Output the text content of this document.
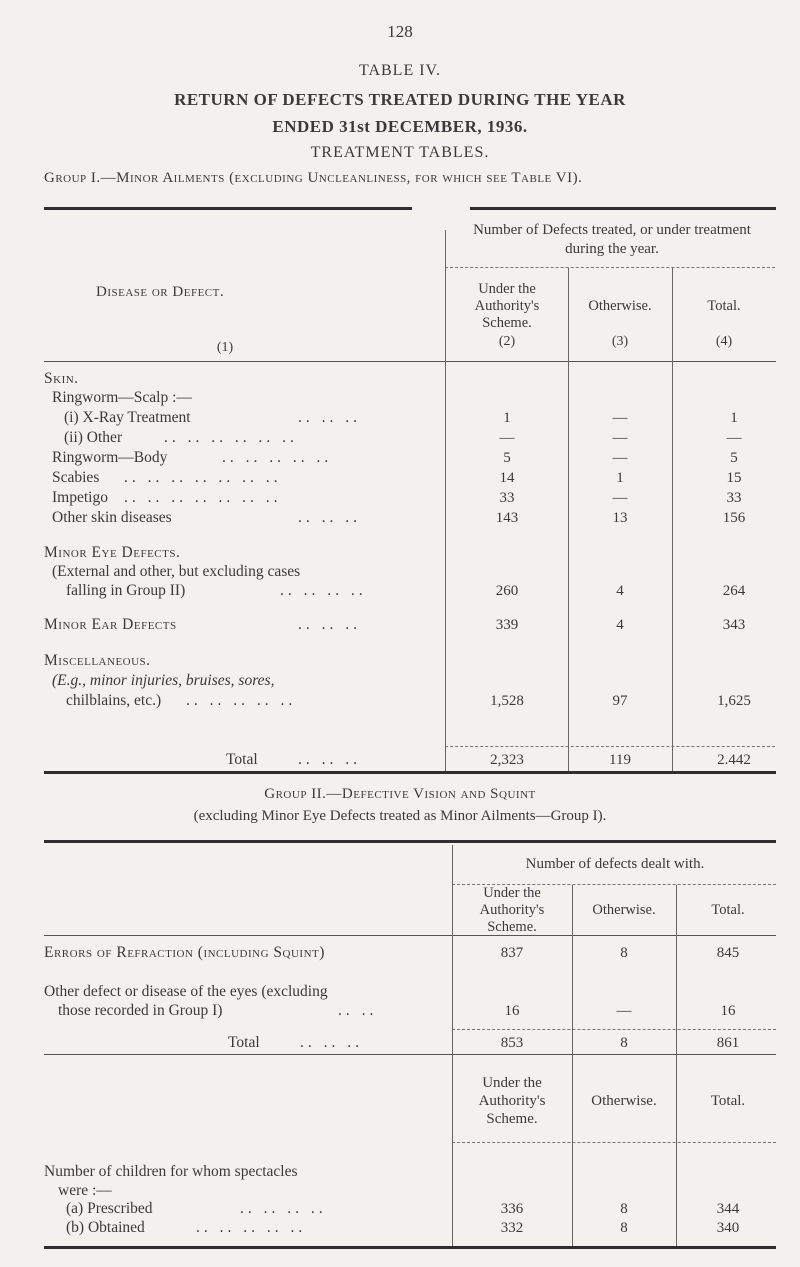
128
TABLE IV.
RETURN OF DEFECTS TREATED DURING THE YEAR
ENDED 31st DECEMBER, 1936.
TREATMENT TABLES.
Group I.—Minor Ailments (excluding Uncleanliness, for which see Table VI).
Disease or Defect.
(1)
Number of Defects treated, or under treatment during the year.
Under the Authority's Scheme.
(2)
Otherwise.
(3)
Total.
(4)
Skin.
Ringworm—Scalp :—
(i) X-Ray Treatment	.. .. ..	1	—	1
(ii) Other	.. .. .. .. .. ..	—	—	—
Ringworm—Body	.. .. .. .. ..	5	—	5
Scabies .. .. .. .. .. .. ..	14	1	15
Impetigo .. .. .. .. .. .. ..	33	—	33
Other skin diseases	.. .. ..	143	13	156
Minor Eye Defects.
(External and other, but excluding cases
falling in Group II)	.. .. .. ..	260	4	264
Minor Ear Defects	.. .. ..	339	4	343
Miscellaneous.
(E.g., minor injuries, bruises, sores,
chilblains, etc.) .. .. .. .. ..	1,528	97	1,625
Total	.. .. ..	2,323	119	2.442
Group II.—Defective Vision and Squint
(excluding Minor Eye Defects treated as Minor Ailments—Group I).
Number of defects dealt with.
Under the Authority's Scheme.
Otherwise.	Total.
Errors of Refraction (including Squint)	837	8	845
Other defect or disease of the eyes (excluding
those recorded in Group I)	.. ..	16	—	16
Total	.. .. ..	853	8	861
Under the Authority's Scheme.
Otherwise.	Total.
Number of children for whom spectacles
were :—
(a) Prescribed	.. .. .. ..	336	8	344
(b) Obtained	.. .. .. .. ..	332	8	340
